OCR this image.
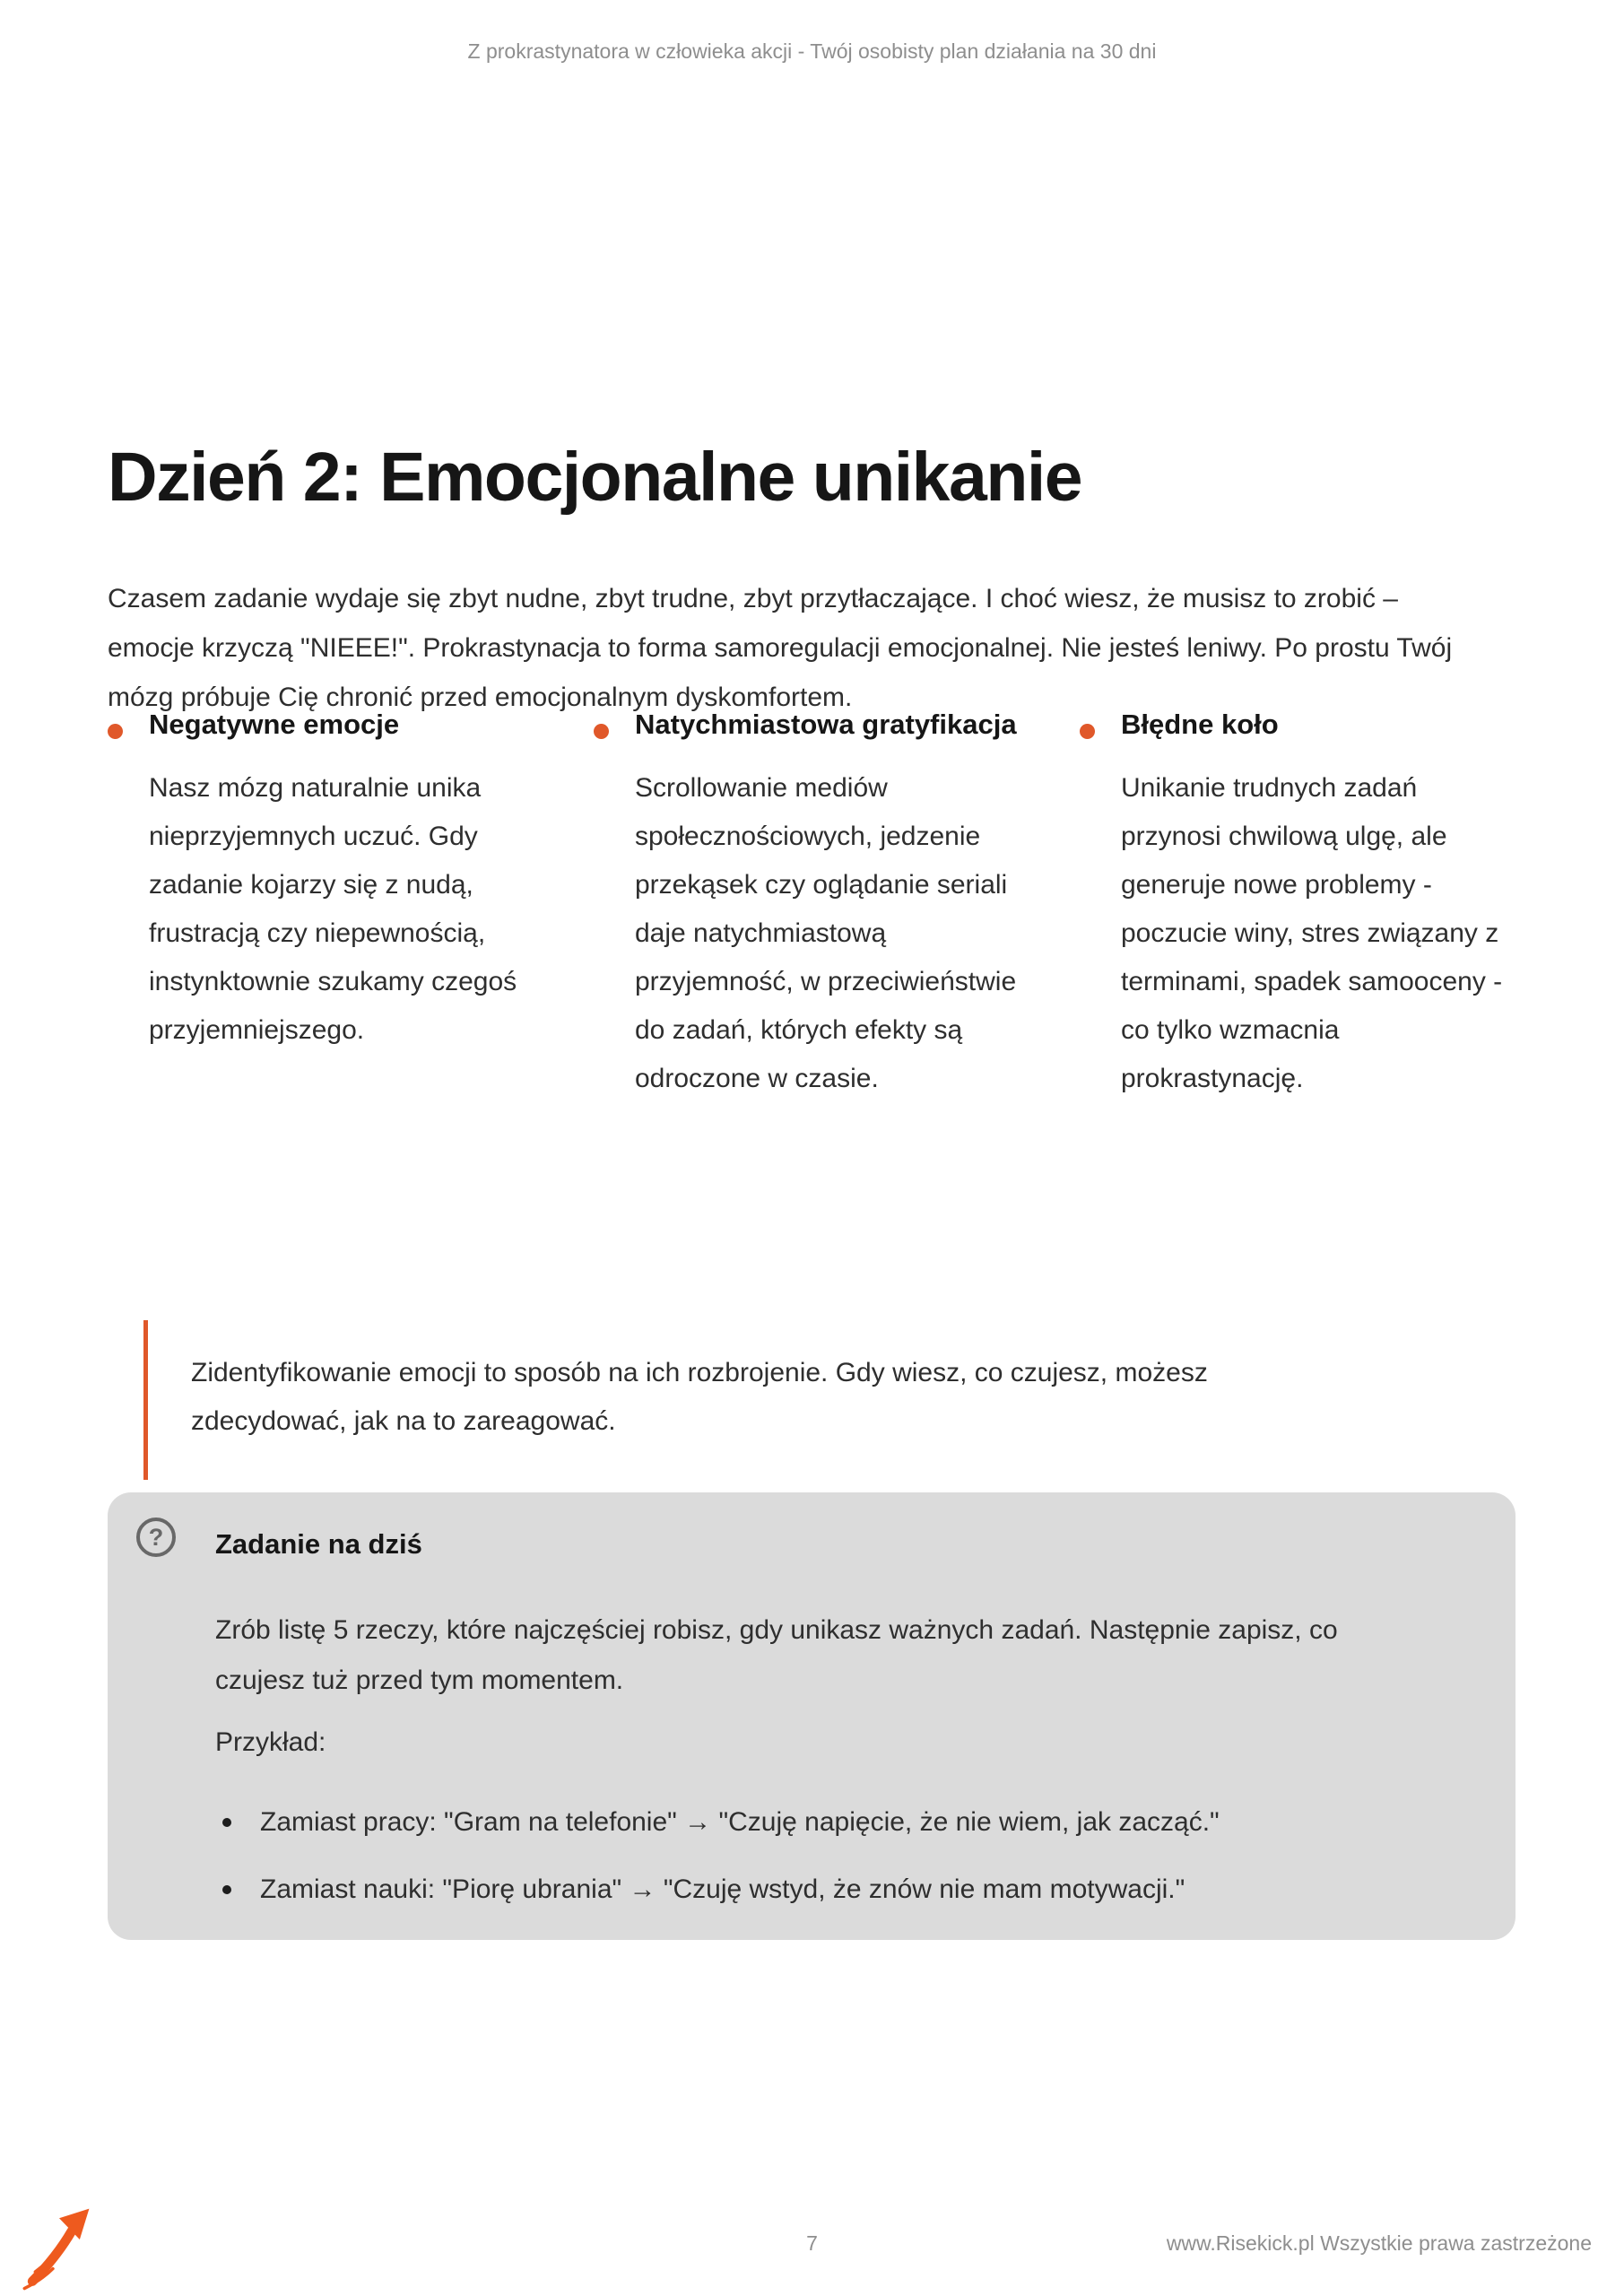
Z prokrastynatora w człowieka akcji - Twój osobisty plan działania na 30 dni
Dzień 2: Emocjonalne unikanie

Czasem zadanie wydaje się zbyt nudne, zbyt trudne, zbyt przytłaczające. I choć wiesz, że musisz to zrobić – emocje krzyczą "NIEEE!". Prokrastynacja to forma samoregulacji emocjonalnej. Nie jesteś leniwy. Po prostu Twój mózg próbuje Cię chronić przed emocjonalnym dyskomfortem.

Negatywne emocje

Nasz mózg naturalnie unika nieprzyjemnych uczuć. Gdy zadanie kojarzy się z nudą, frustracją czy niepewnością, instynktownie szukamy czegoś przyjemniejszego.

Natychmiastowa gratyfikacja

Scrollowanie mediów społecznościowych, jedzenie przekąsek czy oglądanie seriali daje natychmiastową przyjemność, w przeciwieństwie do zadań, których efekty są odroczone w czasie.

Błędne koło

Unikanie trudnych zadań przynosi chwilową ulgę, ale generuje nowe problemy - poczucie winy, stres związany z terminami, spadek samooceny - co tylko wzmacnia prokrastynację.

Zidentyfikowanie emocji to sposób na ich rozbrojenie. Gdy wiesz, co czujesz, możesz zdecydować, jak na to zareagować.
?	Zadanie na dziś

Zrób listę 5 rzeczy, które najczęściej robisz, gdy unikasz ważnych zadań. Następnie zapisz, co czujesz tuż przed tym momentem.

Przykład:

Zamiast pracy: "Gram na telefonie" → "Czuję napięcie, że nie wiem, jak zacząć."
Zamiast nauki: "Piorę ubrania" → "Czuję wstyd, że znów nie mam motywacji."
7	www.Risekick.pl Wszystkie prawa zastrzeżone
